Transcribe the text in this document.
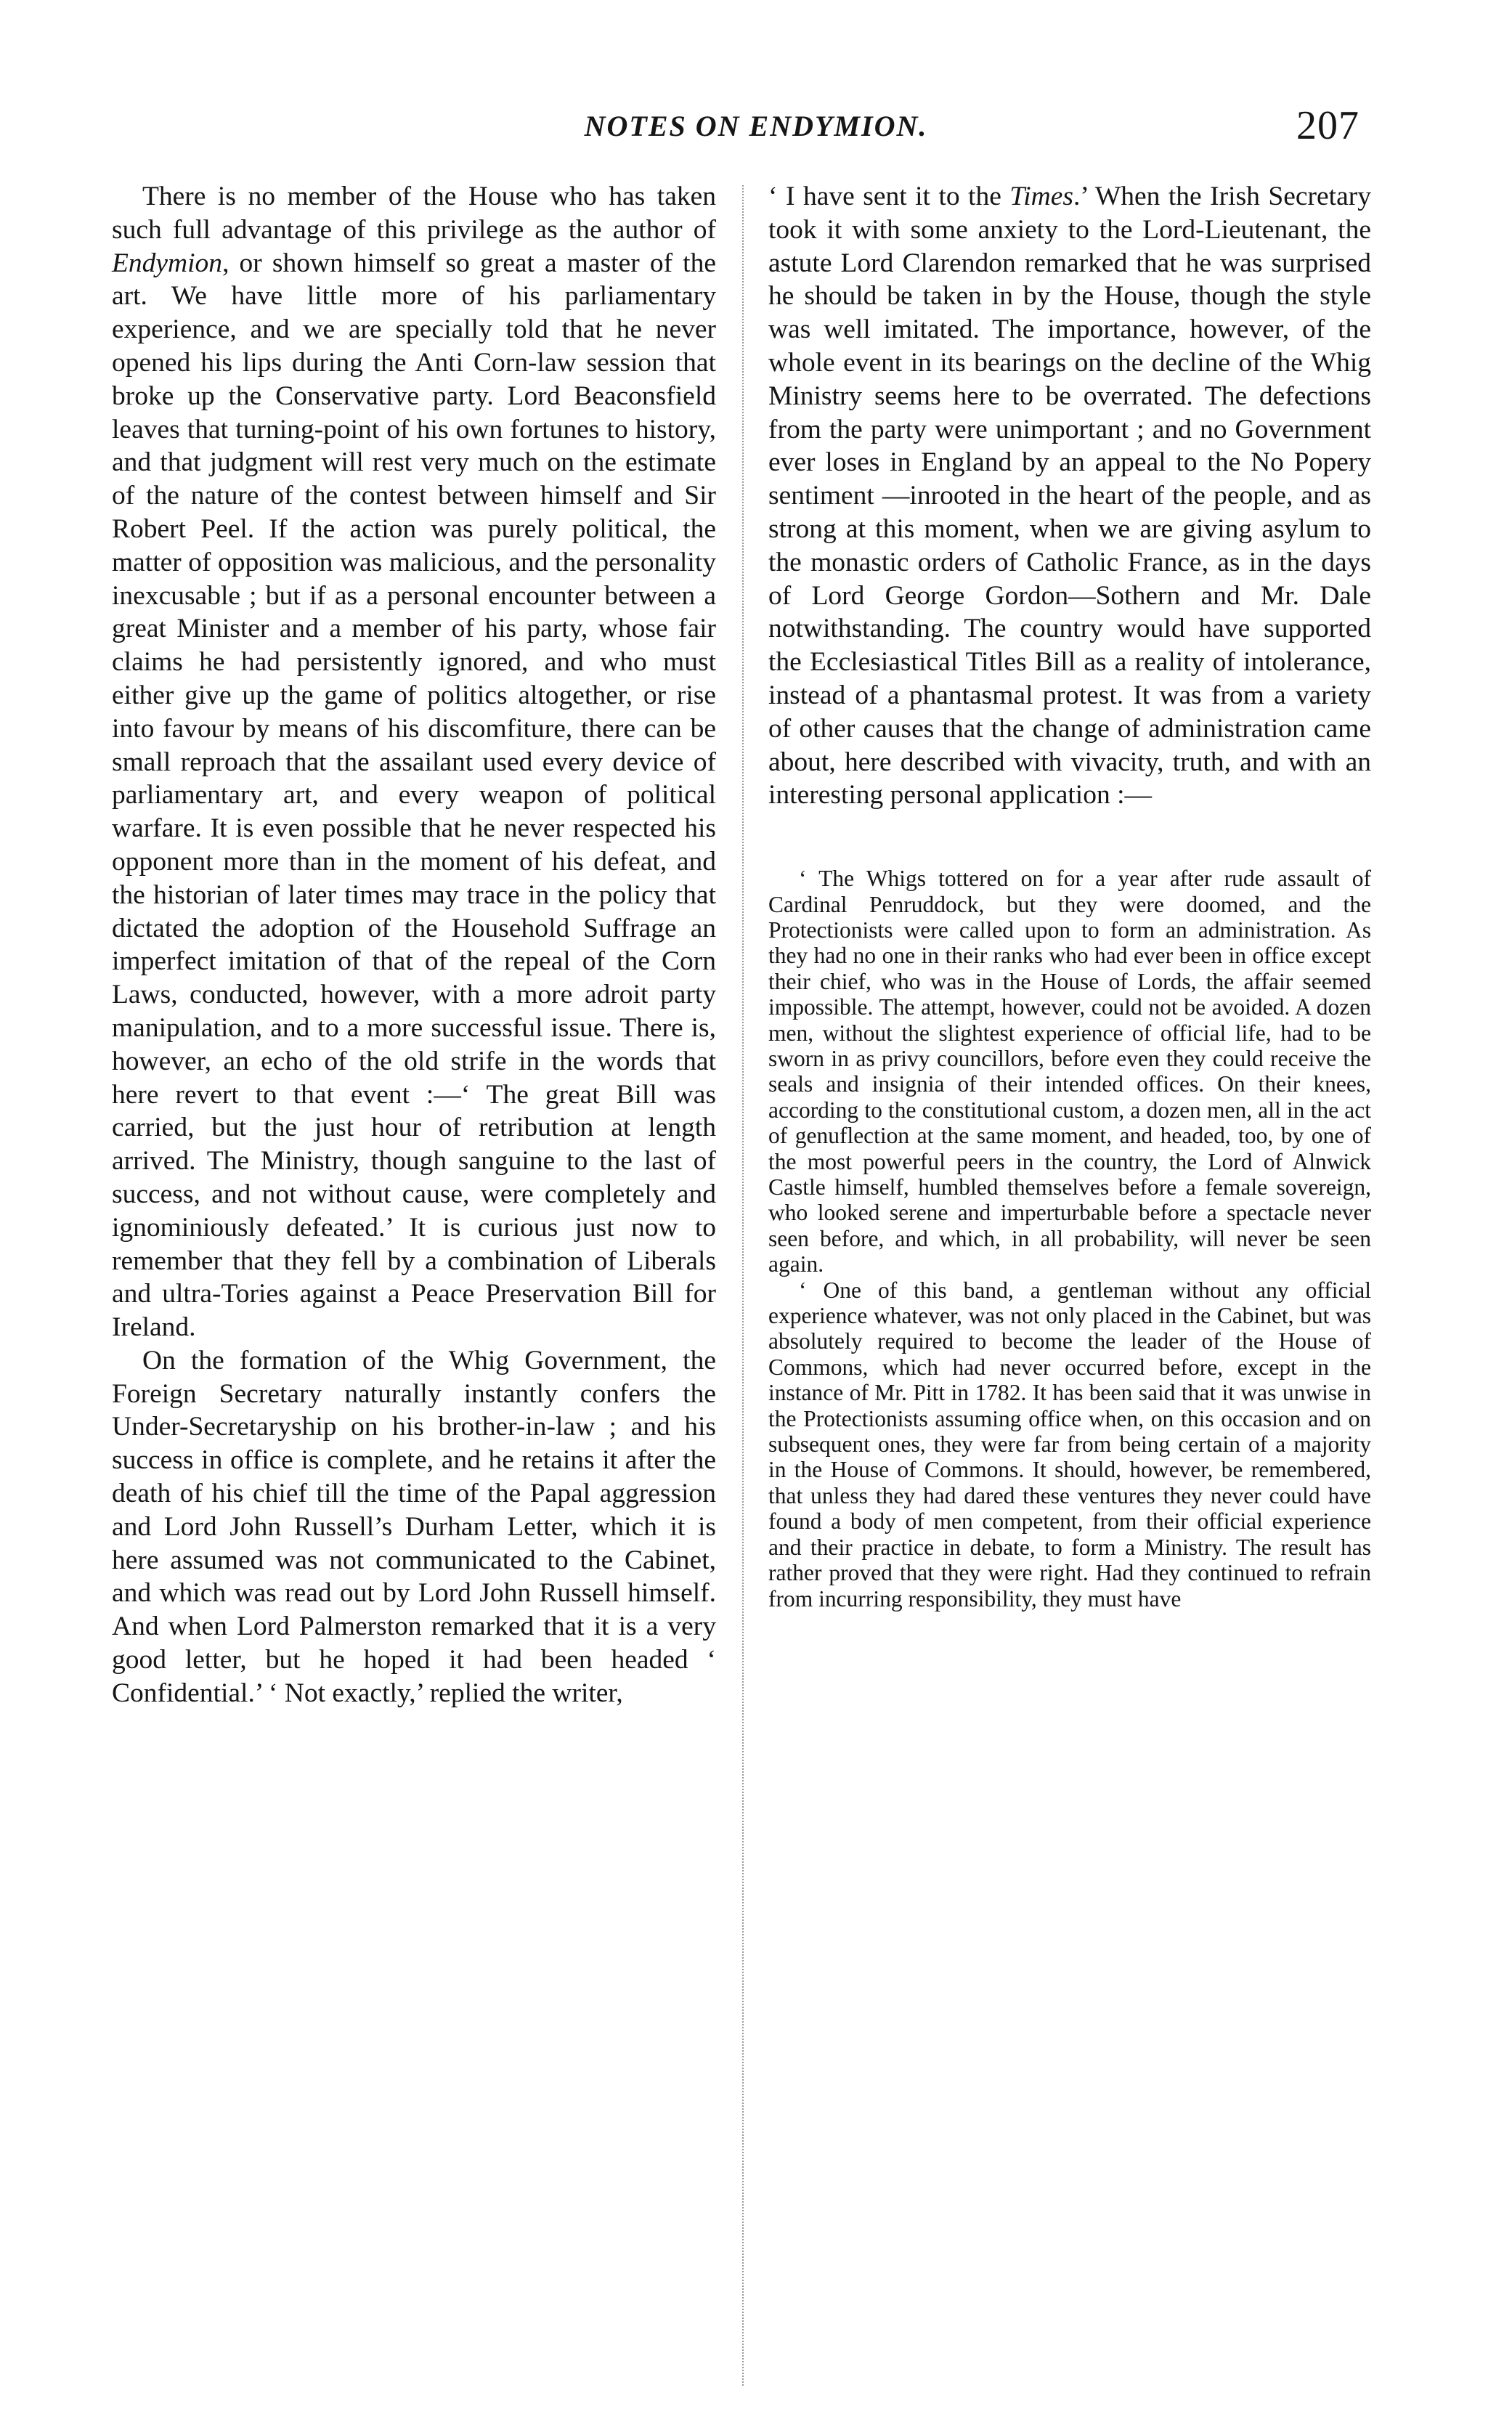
NOTES ON ENDYMION.	207

There is no member of the House who has taken such full advantage of this privilege as the author of Endymion, or shown himself so great a master of the art. We have little more of his parliamentary experience, and we are specially told that he never opened his lips during the Anti Corn-law session that broke up the Conservative party. Lord Beaconsfield leaves that turning-point of his own fortunes to history, and that judgment will rest very much on the estimate of the nature of the contest between himself and Sir Robert Peel. If the action was purely political, the matter of opposition was malicious, and the personality inexcusable ; but if as a personal encounter between a great Minister and a member of his party, whose fair claims he had persistently ignored, and who must either give up the game of politics altogether, or rise into favour by means of his discomfiture, there can be small reproach that the assailant used every device of parliamentary art, and every weapon of political warfare. It is even possible that he never respected his opponent more than in the moment of his defeat, and the historian of later times may trace in the policy that dictated the adoption of the Household Suffrage an imperfect imitation of that of the repeal of the Corn Laws, conducted, however, with a more adroit party manipulation, and to a more successful issue. There is, however, an echo of the old strife in the words that here revert to that event :—‘ The great Bill was carried, but the just hour of retribution at length arrived. The Ministry, though sanguine to the last of success, and not without cause, were completely and ignominiously defeated.’ It is curious just now to remember that they fell by a combination of Liberals and ultra-Tories against a Peace Preservation Bill for Ireland.

On the formation of the Whig Government, the Foreign Secretary naturally instantly confers the Under-Secretaryship on his brother-in-law ; and his success in office is complete, and he retains it after the death of his chief till the time of the Papal aggression and Lord John Russell’s Durham Letter, which it is here assumed was not communicated to the Cabinet, and which was read out by Lord John Russell himself. And when Lord Palmerston remarked that it is a very good letter, but he hoped it had been headed ‘ Confidential.’ ‘ Not exactly,’ replied the writer,

‘ I have sent it to the Times.’ When the Irish Secretary took it with some anxiety to the Lord-Lieutenant, the astute Lord Clarendon remarked that he was surprised he should be taken in by the House, though the style was well imitated. The importance, however, of the whole event in its bearings on the decline of the Whig Ministry seems here to be overrated. The defections from the party were unimportant ; and no Government ever loses in England by an appeal to the No Popery sentiment —inrooted in the heart of the people, and as strong at this moment, when we are giving asylum to the monastic orders of Catholic France, as in the days of Lord George Gordon—Sothern and Mr. Dale notwithstanding. The country would have supported the Ecclesiastical Titles Bill as a reality of intolerance, instead of a phantasmal protest. It was from a variety of other causes that the change of administration came about, here described with vivacity, truth, and with an interesting personal application :—

‘ The Whigs tottered on for a year after rude assault of Cardinal Penruddock, but they were doomed, and the Protectionists were called upon to form an administration. As they had no one in their ranks who had ever been in office except their chief, who was in the House of Lords, the affair seemed impossible. The attempt, however, could not be avoided. A dozen men, without the slightest experience of official life, had to be sworn in as privy councillors, before even they could receive the seals and insignia of their intended offices. On their knees, according to the constitutional custom, a dozen men, all in the act of genuflection at the same moment, and headed, too, by one of the most powerful peers in the country, the Lord of Alnwick Castle himself, humbled themselves before a female sovereign, who looked serene and imperturbable before a spectacle never seen before, and which, in all probability, will never be seen again.

‘ One of this band, a gentleman without any official experience whatever, was not only placed in the Cabinet, but was absolutely required to become the leader of the House of Commons, which had never occurred before, except in the instance of Mr. Pitt in 1782. It has been said that it was unwise in the Protectionists assuming office when, on this occasion and on subsequent ones, they were far from being certain of a majority in the House of Commons. It should, however, be remembered, that unless they had dared these ventures they never could have found a body of men competent, from their official experience and their practice in debate, to form a Ministry. The result has rather proved that they were right. Had they continued to refrain from incurring responsibility, they must have
